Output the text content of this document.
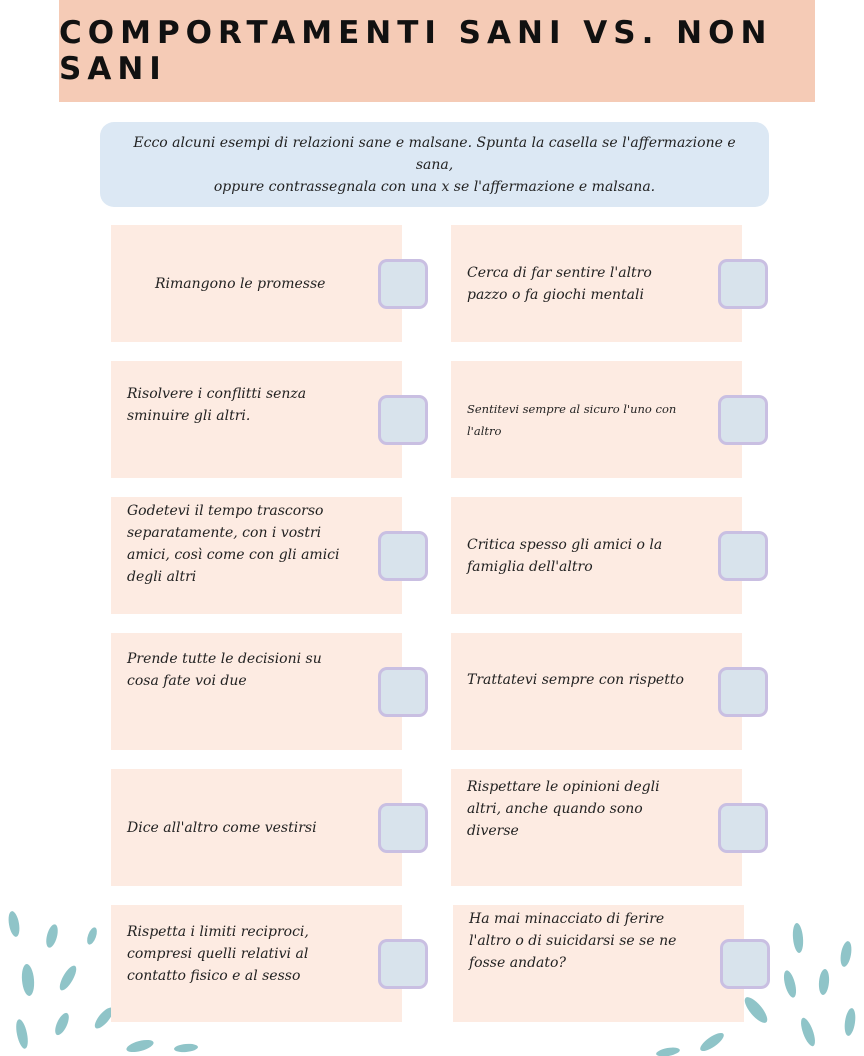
COMPORTAMENTI SANI VS. NON SANI
Ecco alcuni esempi di relazioni sane e malsane. Spunta la casella se l'affermazione e sana,
oppure contrassegnala con una x se l'affermazione e malsana.
Rimangono le promesse
Cerca di far sentire l'altro pazzo o fa giochi mentali
Risolvere i conflitti senza sminuire gli altri.	Sentitevi sempre al sicuro l'uno con l'altro
Godetevi il tempo trascorso separatamente, con i vostri amici, così come con gli amici degli altri
Critica spesso gli amici o la famiglia dell'altro
Prende tutte le decisioni su cosa fate voi due	Trattatevi sempre con rispetto
Dice all'altro come vestirsi
Rispettare le opinioni degli altri, anche quando sono diverse
Rispetta i limiti reciproci, compresi quelli relativi al contatto fisico e al sesso
Ha mai minacciato di ferire l'altro o di suicidarsi se se ne fosse andato?
